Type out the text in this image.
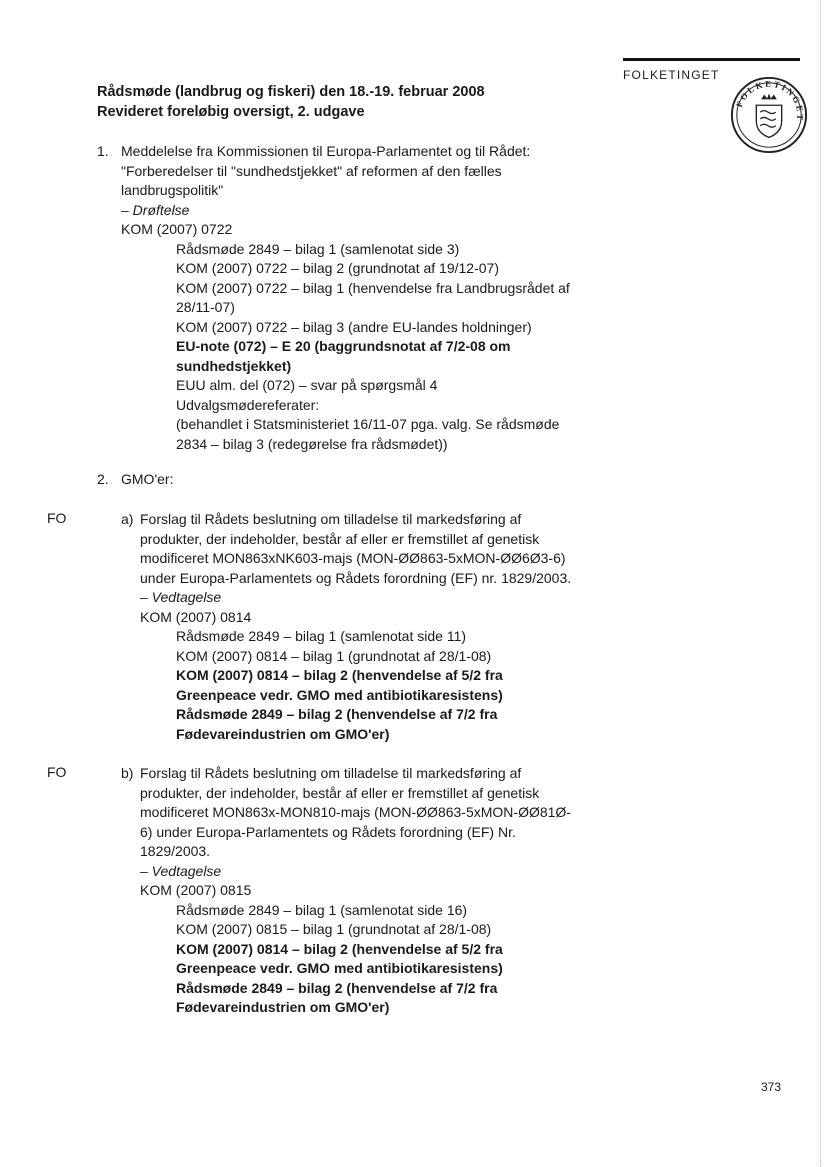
Rådsmøde (landbrug og fiskeri) den 18.-19. februar 2008
Revideret foreløbig oversigt, 2. udgave
FOLKETINGET
FOLKETINGET
1. Meddelelse fra Kommissionen til Europa-Parlamentet og til Rådet:
"Forberedelser til "sundhedstjekket" af reformen af den fælles
landbrugspolitik"
– Drøftelse
KOM (2007) 0722
Rådsmøde 2849 – bilag 1 (samlenotat side 3)
KOM (2007) 0722 – bilag 2 (grundnotat af 19/12-07)
KOM (2007) 0722 – bilag 1 (henvendelse fra Landbrugsrådet af
28/11-07)
KOM (2007) 0722 – bilag 3 (andre EU-landes holdninger)
EU-note (072) – E 20 (baggrundsnotat af 7/2-08 om
sundhedstjekket)
EUU alm. del (072) – svar på spørgsmål 4
Udvalgsmødereferater:
(behandlet i Statsministeriet 16/11-07 pga. valg. Se rådsmøde
2834 – bilag 3 (redegørelse fra rådsmødet))
2. GMO'er:
FO	a) Forslag til Rådets beslutning om tilladelse til markedsføring af
produkter, der indeholder, består af eller er fremstillet af genetisk
modificeret MON863xNK603-majs (MON-ØØ863-5xMON-ØØ6Ø3-6)
under Europa-Parlamentets og Rådets forordning (EF) nr. 1829/2003.
– Vedtagelse
KOM (2007) 0814
Rådsmøde 2849 – bilag 1 (samlenotat side 11)
KOM (2007) 0814 – bilag 1 (grundnotat af 28/1-08)
KOM (2007) 0814 – bilag 2 (henvendelse af 5/2 fra
Greenpeace vedr. GMO med antibiotikaresistens)
Rådsmøde 2849 – bilag 2 (henvendelse af 7/2 fra
Fødevareindustrien om GMO'er)
FO	b) Forslag til Rådets beslutning om tilladelse til markedsføring af
produkter, der indeholder, består af eller er fremstillet af genetisk
modificeret MON863x-MON810-majs (MON-ØØ863-5xMON-ØØ81Ø-
6) under Europa-Parlamentets og Rådets forordning (EF) Nr.
1829/2003.
– Vedtagelse
KOM (2007) 0815
Rådsmøde 2849 – bilag 1 (samlenotat side 16)
KOM (2007) 0815 – bilag 1 (grundnotat af 28/1-08)
KOM (2007) 0814 – bilag 2 (henvendelse af 5/2 fra
Greenpeace vedr. GMO med antibiotikaresistens)
Rådsmøde 2849 – bilag 2 (henvendelse af 7/2 fra
Fødevareindustrien om GMO'er)
373
